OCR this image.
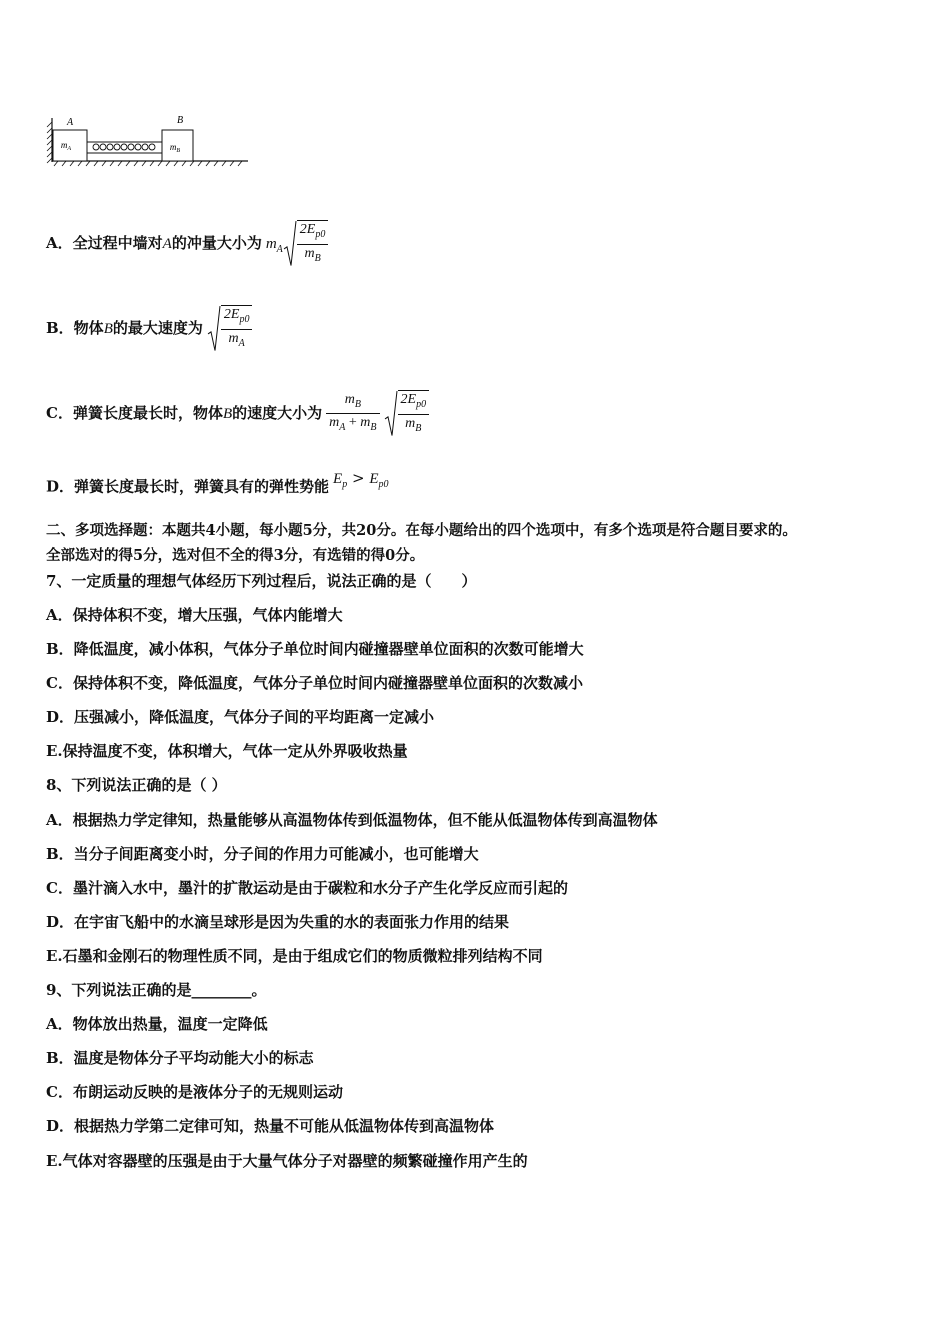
A
$m_A$
B
$m_B$
A．全过程中墙对A的冲量大小为 $m_A \frac{2E_{p0}}{m_B}$
B．物体B的最大速度为 $\frac{2E_{p0}}{m_A}$
C．弹簧长度最长时，物体B的速度大小为 $\frac{m_B}{m_A + m_B} \frac{2E_{p0}}{m_B}$
D．弹簧长度最长时，弹簧具有的弹性势能 $E_p > E_{p0}$
二、多项选择题：本题共4小题，每小题5分，共20分。在每小题给出的四个选项中，有多个选项是符合题目要求的。
全部选对的得5分，选对但不全的得3分，有选错的得0分。
7、一定质量的理想气体经历下列过程后，说法正确的是（　　）
A．保持体积不变，增大压强，气体内能增大
B．降低温度，减小体积，气体分子单位时间内碰撞器壁单位面积的次数可能增大
C．保持体积不变，降低温度，气体分子单位时间内碰撞器壁单位面积的次数减小
D．压强减小，降低温度，气体分子间的平均距离一定减小
E.保持温度不变，体积增大，气体一定从外界吸收热量
8、下列说法正确的是（ ）
A．根据热力学定律知，热量能够从高温物体传到低温物体，但不能从低温物体传到高温物体
B．当分子间距离变小时，分子间的作用力可能减小，也可能增大
C．墨汁滴入水中，墨汁的扩散运动是由于碳粒和水分子产生化学反应而引起的
D．在宇宙飞船中的水滴呈球形是因为失重的水的表面张力作用的结果
E.石墨和金刚石的物理性质不同，是由于组成它们的物质微粒排列结构不同
9、下列说法正确的是________。
A．物体放出热量，温度一定降低
B．温度是物体分子平均动能大小的标志
C．布朗运动反映的是液体分子的无规则运动
D．根据热力学第二定律可知，热量不可能从低温物体传到高温物体
E.气体对容器壁的压强是由于大量气体分子对器壁的频繁碰撞作用产生的
